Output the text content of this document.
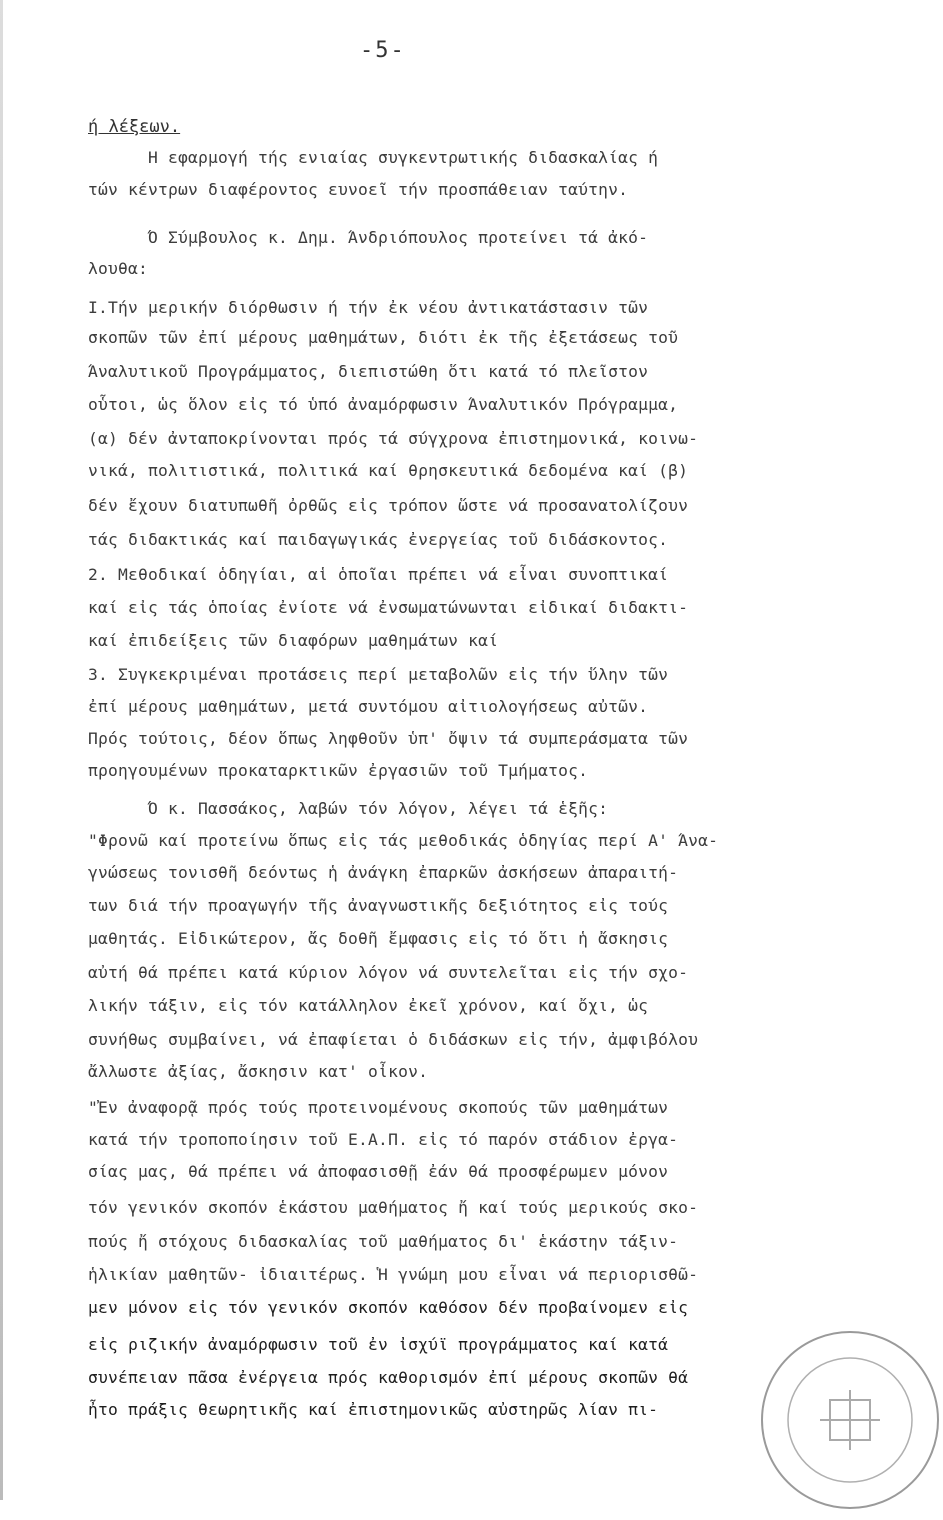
-5-
ή λέξεων.
Η εφαρμογή τής ενιαίας συγκεντρωτικής διδασκαλίας ή
τών κέντρων διαφέροντος ευνοεῖ τήν προσπάθειαν ταύτην.
Ό Σύμβουλος κ. Δημ. Άνδριόπουλος προτείνει τά ἀκό-
λουθα:
Ι.Τήν μερικήν διόρθωσιν ή τήν ἐκ νέου ἀντικατάστασιν τῶν
σκοπῶν τῶν ἐπί μέρους μαθημάτων, διότι ἐκ τῆς ἐξετάσεως τοῦ
Άναλυτικοῦ Προγράμματος, διεπιστώθη ὅτι κατά τό πλεῖστον
οὗτοι, ὡς ὅλον εἰς τό ὑπό ἀναμόρφωσιν Άναλυτικόν Πρόγραμμα,
(α) δέν ἀνταποκρίνονται πρός τά σύγχρονα ἐπιστημονικά, κοινω-
νικά, πολιτιστικά, πολιτικά καί θρησκευτικά δεδομένα καί (β)
δέν ἔχουν διατυπωθῆ ὀρθῶς εἰς τρόπον ὥστε νά προσανατολίζουν
τάς διδακτικάς καί παιδαγωγικάς ἐνεργείας τοῦ διδάσκοντος.
2. Μεθοδικαί ὁδηγίαι, αἱ ὁποῖαι πρέπει νά εἶναι συνοπτικαί
καί εἰς τάς ὁποίας ἐνίοτε νά ἐνσωματώνωνται εἰδικαί διδακτι-
καί ἐπιδείξεις τῶν διαφόρων μαθημάτων καί
3. Συγκεκριμέναι προτάσεις περί μεταβολῶν εἰς τήν ὕλην τῶν
ἐπί μέρους μαθημάτων, μετά συντόμου αἰτιολογήσεως αὐτῶν.
Πρός τούτοις, δέον ὅπως ληφθοῦν ὑπ' ὄψιν τά συμπεράσματα τῶν
προηγουμένων προκαταρκτικῶν ἐργασιῶν τοῦ Τμήματος.
Ό κ. Πασσάκος, λαβών τόν λόγον, λέγει τά ἑξῆς:
"Φρονῶ καί προτείνω ὅπως εἰς τάς μεθοδικάς ὁδηγίας περί Α' Άνα-
γνώσεως τονισθῆ δεόντως ἡ ἀνάγκη ἐπαρκῶν ἀσκήσεων ἀπαραιτή-
των διά τήν προαγωγήν τῆς ἀναγνωστικῆς δεξιότητος εἰς τούς
μαθητάς. Εἰδικώτερον, ἄς δοθῆ ἔμφασις εἰς τό ὅτι ἡ ἄσκησις
αὐτή θά πρέπει κατά κύριον λόγον νά συντελεῖται εἰς τήν σχο-
λικήν τάξιν, εἰς τόν κατάλληλον ἐκεῖ χρόνον, καί ὄχι, ὡς
συνήθως συμβαίνει, νά ἐπαφίεται ὁ διδάσκων εἰς τήν, ἀμφιβόλου
ἄλλωστε ἀξίας, ἄσκησιν κατ' οἶκον.
"Ἐν ἀναφορᾷ πρός τούς προτεινομένους σκοπούς τῶν μαθημάτων
κατά τήν τροποποίησιν τοῦ Ε.Α.Π. εἰς τό παρόν στάδιον ἐργα-
σίας μας, θά πρέπει νά ἀποφασισθῇ ἐάν θά προσφέρωμεν μόνον
τόν γενικόν σκοπόν ἑκάστου μαθήματος ἤ καί τούς μερικούς σκο-
πούς ἤ στόχους διδασκαλίας τοῦ μαθήματος δι' ἑκάστην τάξιν-
ἡλικίαν μαθητῶν- ἰδιαιτέρως. Ἡ γνώμη μου εἶναι νά περιορισθῶ-
μεν μόνον εἰς τόν γενικόν σκοπόν καθόσον δέν προβαίνομεν εἰς
εἰς ριζικήν ἀναμόρφωσιν τοῦ ἐν ἰσχύϊ προγράμματος καί κατά
συνέπειαν πᾶσα ἐνέργεια πρός καθορισμόν ἐπί μέρους σκοπῶν θά
ἦτο πράξις θεωρητικῆς καί ἐπιστημονικῶς αὐστηρῶς λίαν πι-
